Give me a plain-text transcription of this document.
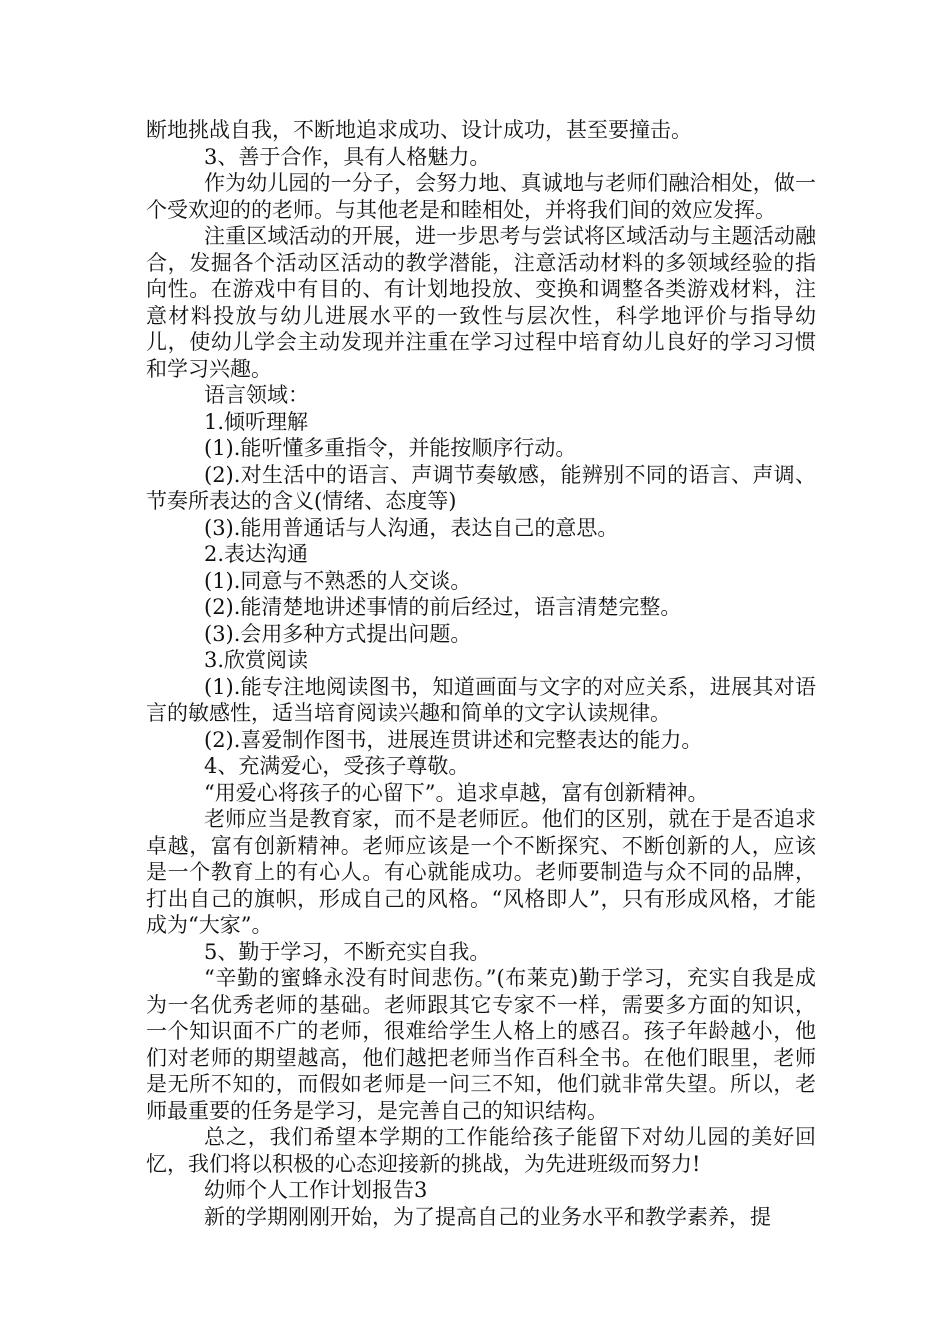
断地挑战自我，不断地追求成功、设计成功，甚至要撞击。

3、善于合作，具有人格魅力。

作为幼儿园的一分子，会努力地、真诚地与老师们融洽相处，做一个受欢迎的的老师。与其他老是和睦相处，并将我们间的效应发挥。

注重区域活动的开展，进一步思考与尝试将区域活动与主题活动融合，发掘各个活动区活动的教学潜能，注意活动材料的多领域经验的指向性。在游戏中有目的、有计划地投放、变换和调整各类游戏材料，注意材料投放与幼儿进展水平的一致性与层次性，科学地评价与指导幼儿，使幼儿学会主动发现并注重在学习过程中培育幼儿良好的学习习惯和学习兴趣。

语言领域：

1.倾听理解

(1).能听懂多重指令，并能按顺序行动。

(2).对生活中的语言、声调节奏敏感，能辨别不同的语言、声调、节奏所表达的含义(情绪、态度等)

(3).能用普通话与人沟通，表达自己的意思。

2.表达沟通

(1).同意与不熟悉的人交谈。

(2).能清楚地讲述事情的前后经过，语言清楚完整。

(3).会用多种方式提出问题。

3.欣赏阅读

(1).能专注地阅读图书，知道画面与文字的对应关系，进展其对语言的敏感性，适当培育阅读兴趣和简单的文字认读规律。

(2).喜爱制作图书，进展连贯讲述和完整表达的能力。

4、充满爱心，受孩子尊敬。

“用爱心将孩子的心留下”。追求卓越，富有创新精神。

老师应当是教育家，而不是老师匠。他们的区别，就在于是否追求卓越，富有创新精神。老师应该是一个不断探究、不断创新的人，应该是一个教育上的有心人。有心就能成功。老师要制造与众不同的品牌，打出自己的旗帜，形成自己的风格。“风格即人”，只有形成风格，才能成为“大家”。

5、勤于学习，不断充实自我。

“辛勤的蜜蜂永没有时间悲伤。”(布莱克)勤于学习，充实自我是成为一名优秀老师的基础。老师跟其它专家不一样，需要多方面的知识，一个知识面不广的老师，很难给学生人格上的感召。孩子年龄越小，他们对老师的期望越高，他们越把老师当作百科全书。在他们眼里，老师是无所不知的，而假如老师是一问三不知，他们就非常失望。所以，老师最重要的任务是学习，是完善自己的知识结构。

总之，我们希望本学期的工作能给孩子能留下对幼儿园的美好回忆，我们将以积极的心态迎接新的挑战，为先进班级而努力!

幼师个人工作计划报告3

新的学期刚刚开始，为了提高自己的业务水平和教学素养，提
